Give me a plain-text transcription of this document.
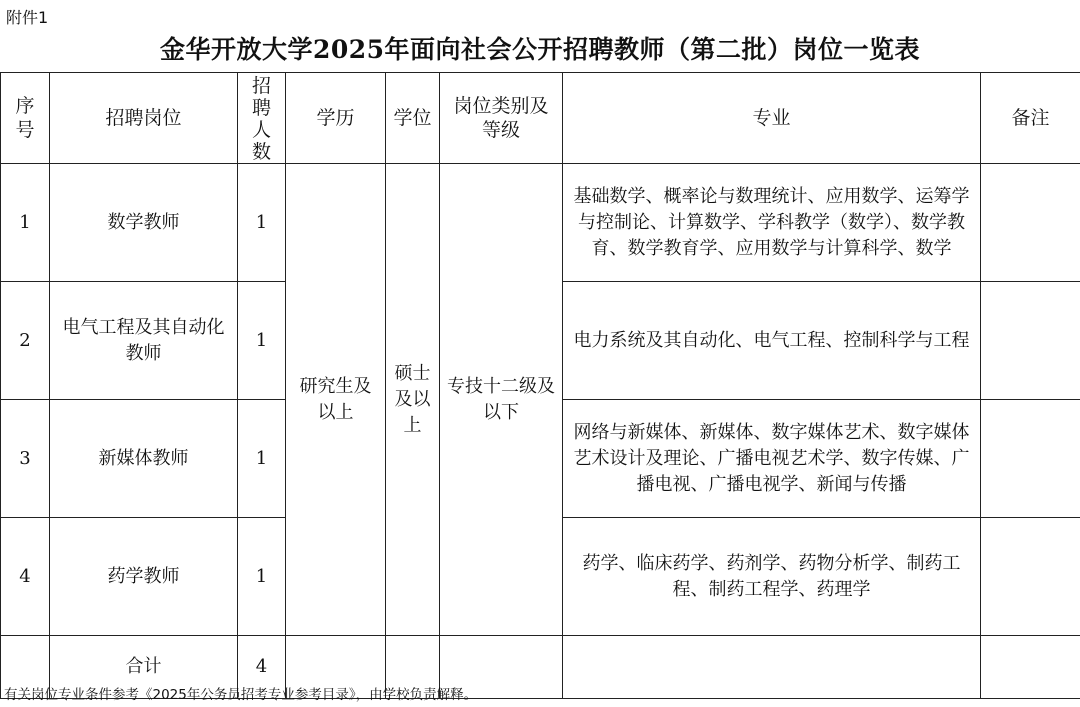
附件1
金华开放大学2025年面向社会公开招聘教师（第二批）岗位一览表
序号	招聘岗位	招聘人数	学历	学位	岗位类别及等级	专业	备注
1	数学教师	1	研究生及以上	硕士及以上	专技十二级及以下	基础数学、概率论与数理统计、应用数学、运筹学与控制论、计算数学、学科教学（数学）、数学教育、数学教育学、应用数学与计算科学、数学	
2	电气工程及其自动化教师	1				电力系统及其自动化、电气工程、控制科学与工程	
3	新媒体教师	1				网络与新媒体、新媒体、数字媒体艺术、数字媒体艺术设计及理论、广播电视艺术学、数字传媒、广播电视、广播电视学、新闻与传播	
4	药学教师	1				药学、临床药学、药剂学、药物分析学、制药工程、制药工程学、药理学	
	合计	4					
有关岗位专业条件参考《2025年公务员招考专业参考目录》，由学校负责解释。
